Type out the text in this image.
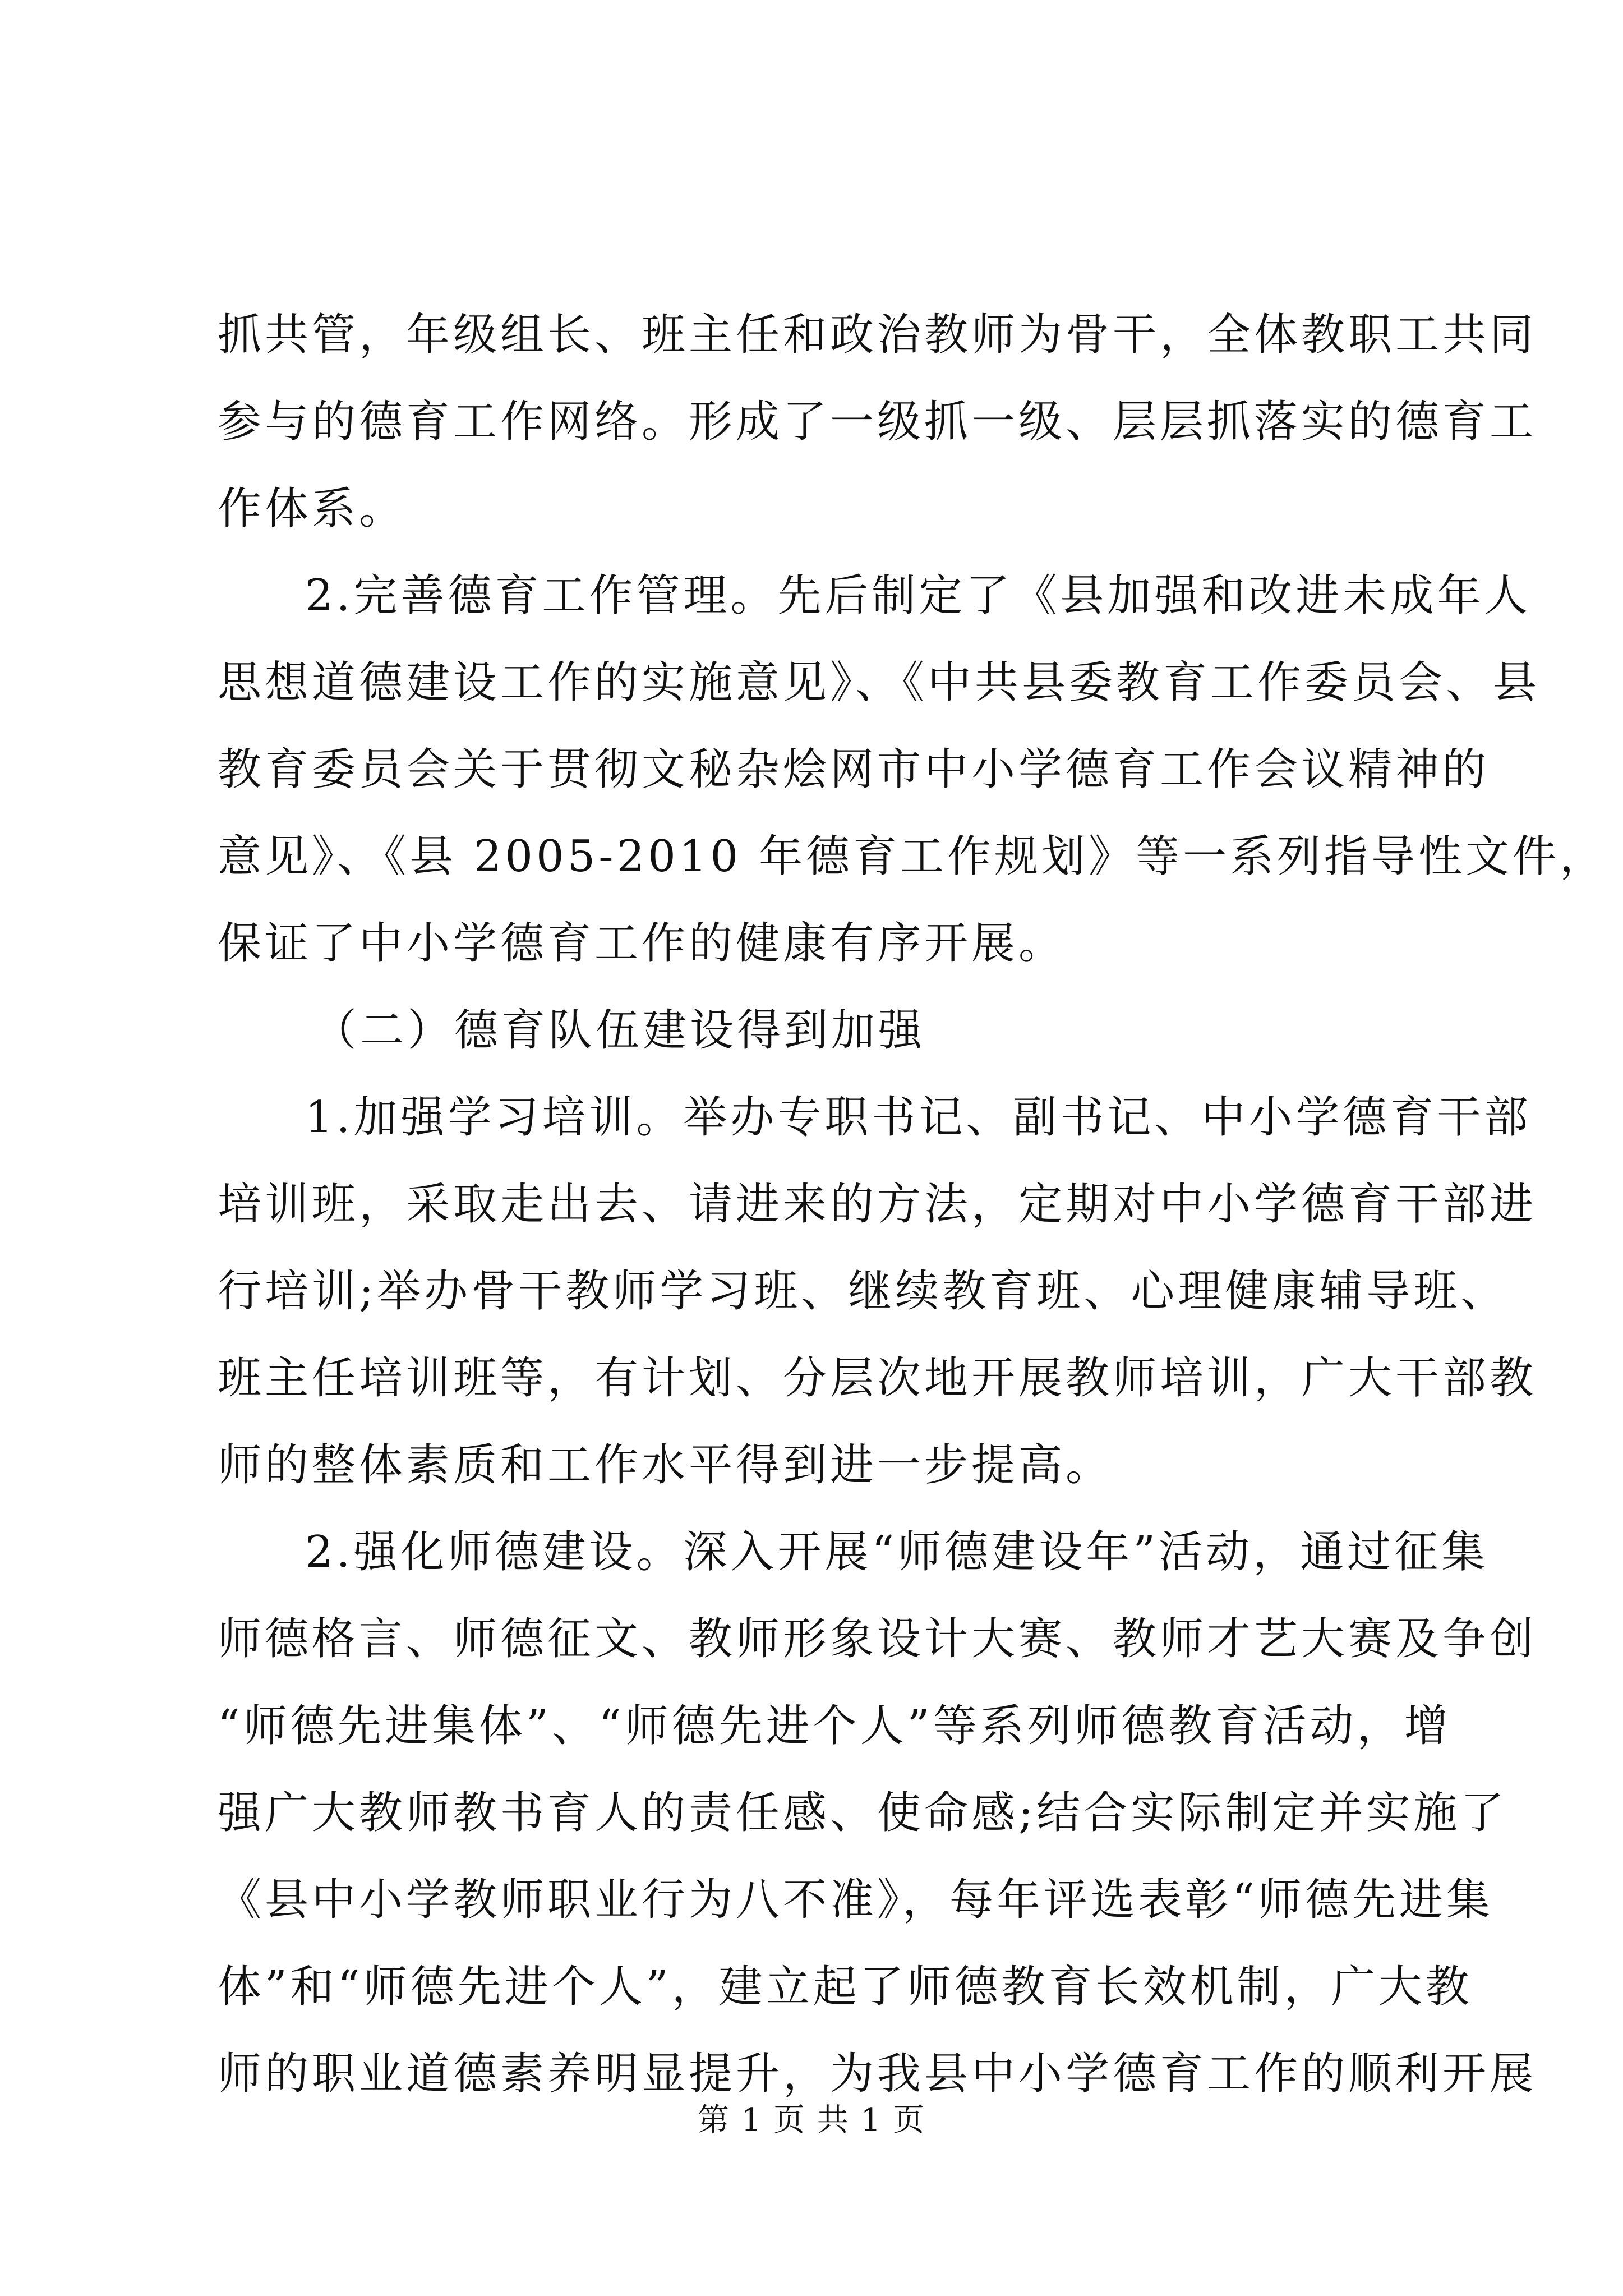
抓共管，年级组长、班主任和政治教师为骨干，全体教职工共同
参与的德育工作网络。形成了一级抓一级、层层抓落实的德育工
作体系。
2.完善德育工作管理。先后制定了《县加强和改进未成年人
思想道德建设工作的实施意见》、《中共县委教育工作委员会、县
教育委员会关于贯彻文秘杂烩网市中小学德育工作会议精神的
意见》、《县 2005-2010 年德育工作规划》等一系列指导性文件，
保证了中小学德育工作的健康有序开展。
（二）德育队伍建设得到加强
1.加强学习培训。举办专职书记、副书记、中小学德育干部
培训班，采取走出去、请进来的方法，定期对中小学德育干部进
行培训;举办骨干教师学习班、继续教育班、心理健康辅导班、
班主任培训班等，有计划、分层次地开展教师培训，广大干部教
师的整体素质和工作水平得到进一步提高。
2.强化师德建设。深入开展“师德建设年”活动，通过征集
师德格言、师德征文、教师形象设计大赛、教师才艺大赛及争创
“师德先进集体”、“师德先进个人”等系列师德教育活动，增
强广大教师教书育人的责任感、使命感;结合实际制定并实施了
《县中小学教师职业行为八不准》，每年评选表彰“师德先进集
体”和“师德先进个人”，建立起了师德教育长效机制，广大教
师的职业道德素养明显提升，为我县中小学德育工作的顺利开展
第 1 页 共 1 页
